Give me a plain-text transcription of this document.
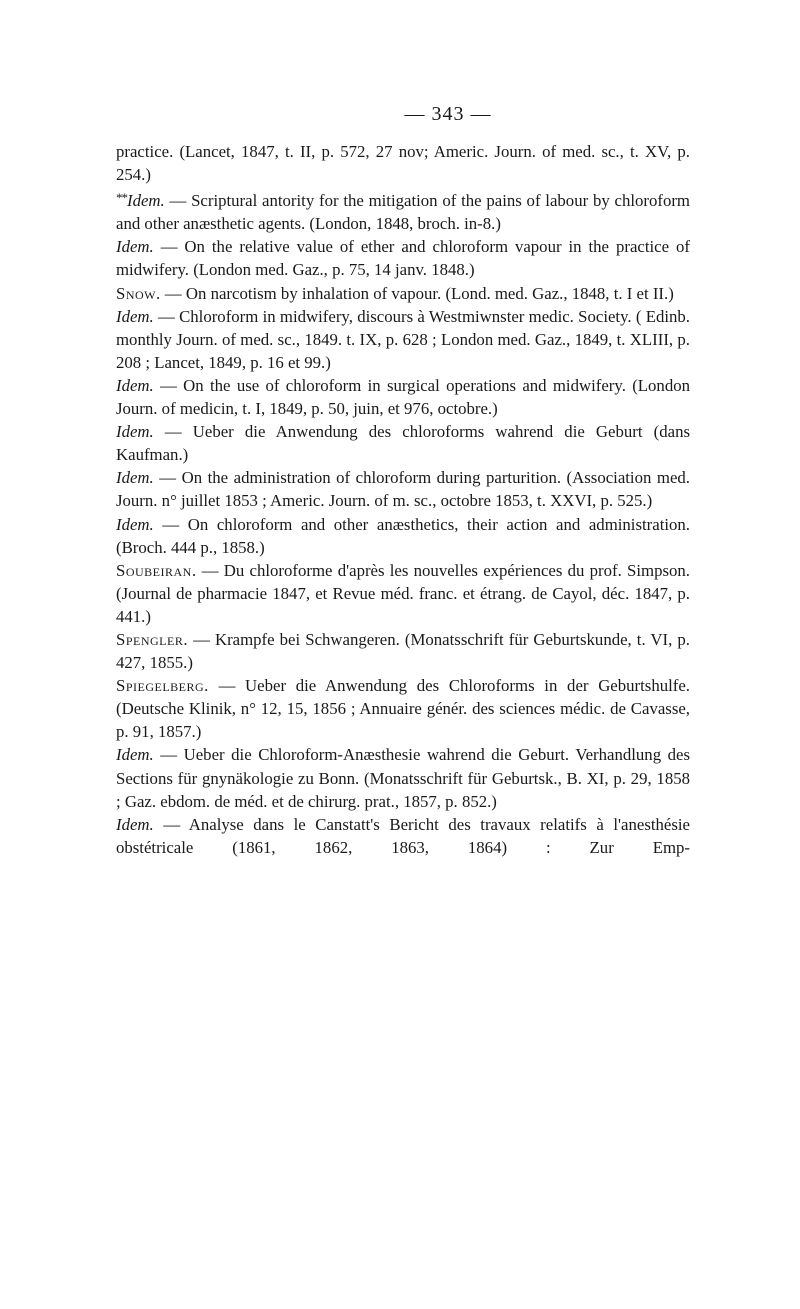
— 343 —

practice. (Lancet, 1847, t. II, p. 572, 27 nov; Americ. Journ. of med. sc., t. XV, p. 254.)

**Idem. — Scriptural antority for the mitigation of the pains of labour by chloroform and other anæsthetic agents. (London, 1848, broch. in-8.)

Idem. — On the relative value of ether and chloroform vapour in the practice of midwifery. (London med. Gaz., p. 75, 14 janv. 1848.)

Snow. — On narcotism by inhalation of vapour. (Lond. med. Gaz., 1848, t. I et II.)

Idem. — Chloroform in midwifery, discours à Westmiwnster medic. Society. ( Edinb. monthly Journ. of med. sc., 1849. t. IX, p. 628 ; London med. Gaz., 1849, t. XLIII, p. 208 ; Lancet, 1849, p. 16 et 99.)

Idem. — On the use of chloroform in surgical operations and midwifery. (London Journ. of medicin, t. I, 1849, p. 50, juin, et 976, octobre.)

Idem. — Ueber die Anwendung des chloroforms wahrend die Geburt (dans Kaufman.)

Idem. — On the administration of chloroform during parturition. (Association med. Journ. n° juillet 1853 ; Americ. Journ. of m. sc., octobre 1853, t. XXVI, p. 525.)

Idem. — On chloroform and other anæsthetics, their action and administration. (Broch. 444 p., 1858.)

Soubeiran. — Du chloroforme d'après les nouvelles expériences du prof. Simpson. (Journal de pharmacie 1847, et Revue méd. franc. et étrang. de Cayol, déc. 1847, p. 441.)

Spengler. — Krampfe bei Schwangeren. (Monatsschrift für Geburtskunde, t. VI, p. 427, 1855.)

Spiegelberg. — Ueber die Anwendung des Chloroforms in der Geburtshulfe. (Deutsche Klinik, n° 12, 15, 1856 ; Annuaire génér. des sciences médic. de Cavasse, p. 91, 1857.)

Idem. — Ueber die Chloroform-Anæsthesie wahrend die Geburt. Verhandlung des Sections für gnynäkologie zu Bonn. (Monatsschrift für Geburtsk., B. XI, p. 29, 1858 ; Gaz. ebdom. de méd. et de chirurg. prat., 1857, p. 852.)

Idem. — Analyse dans le Canstatt's Bericht des travaux relatifs à l'anesthésie obstétricale (1861, 1862, 1863, 1864) : Zur Emp-
